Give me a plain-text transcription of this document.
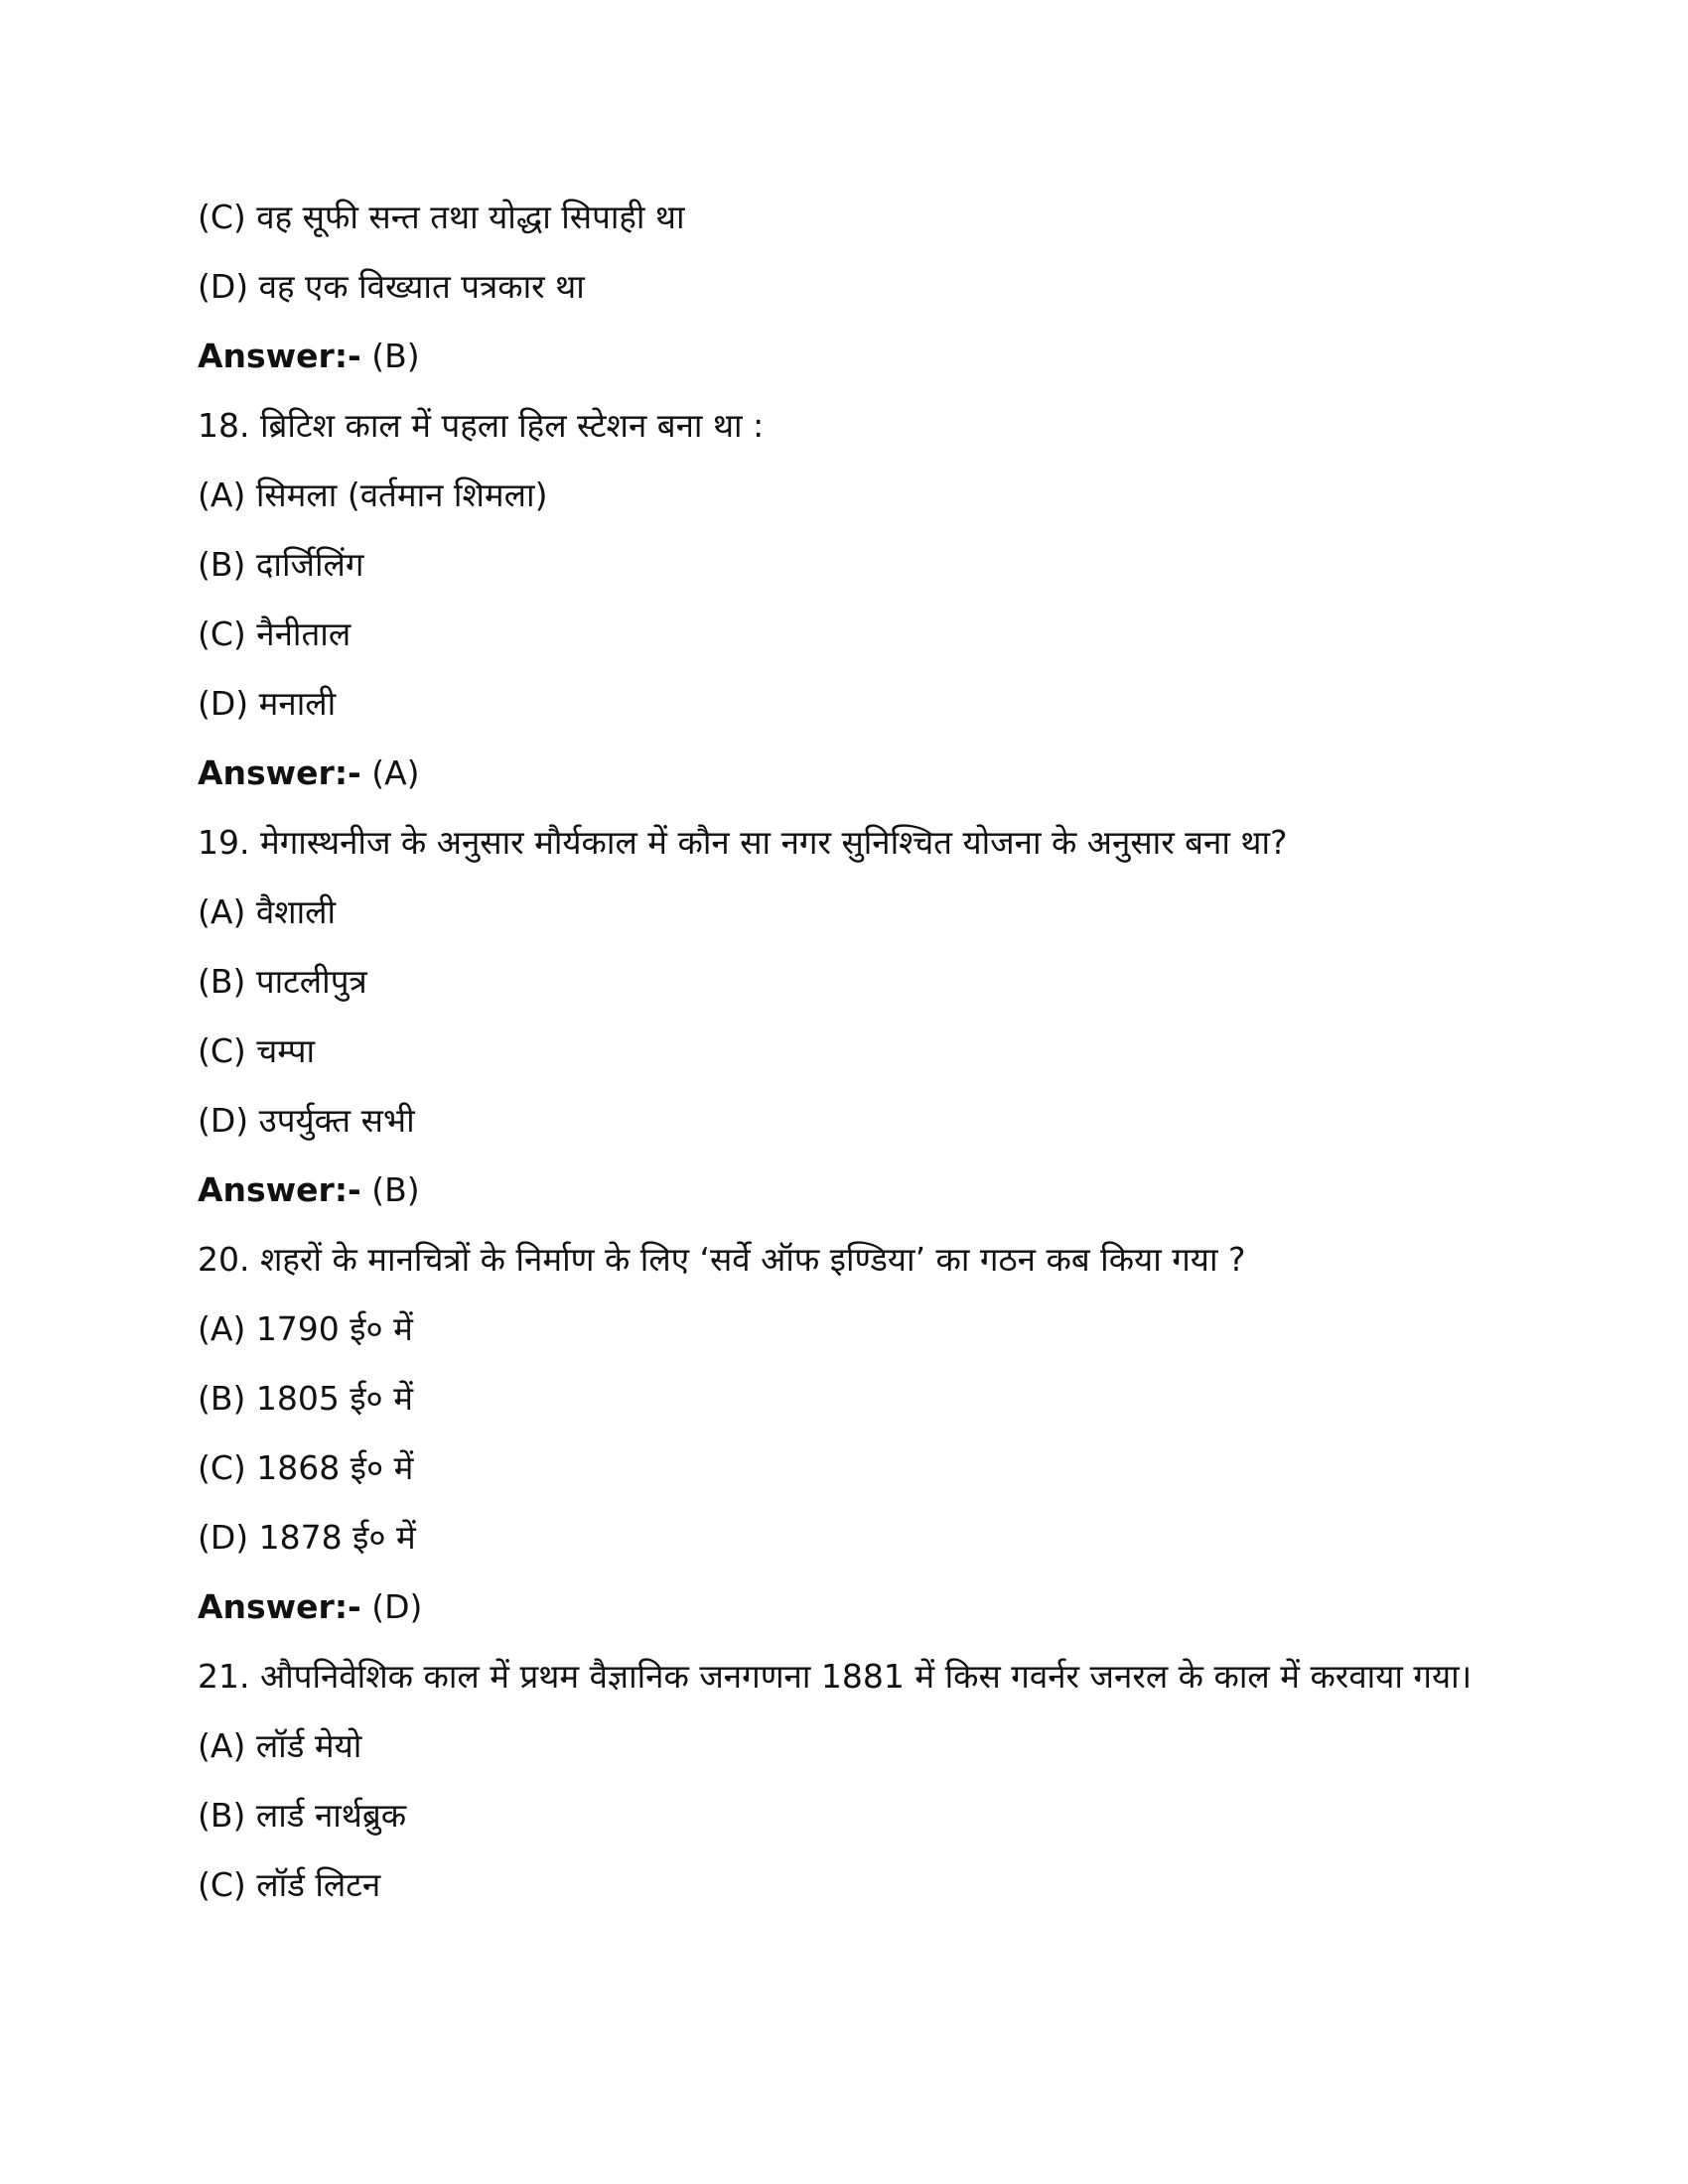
(C) वह सूफी सन्त तथा योद्धा सिपाही था
(D) वह एक विख्यात पत्रकार था
Answer:- (B)
18. ब्रिटिश काल में पहला हिल स्टेशन बना था :
(A) सिमला (वर्तमान शिमला)
(B) दार्जिलिंग
(C) नैनीताल
(D) मनाली
Answer:- (A)
19. मेगास्थनीज के अनुसार मौर्यकाल में कौन सा नगर सुनिश्चित योजना के अनुसार बना था?
(A) वैशाली
(B) पाटलीपुत्र
(C) चम्पा
(D) उपर्युक्त सभी
Answer:- (B)
20. शहरों के मानचित्रों के निर्माण के लिए ‘सर्वे ऑफ इण्डिया’ का गठन कब किया गया ?
(A) 1790 ई० में
(B) 1805 ई० में
(C) 1868 ई० में
(D) 1878 ई० में
Answer:- (D)
21. औपनिवेशिक काल में प्रथम वैज्ञानिक जनगणना 1881 में किस गवर्नर जनरल के काल में करवाया गया।
(A) लॉर्ड मेयो
(B) लार्ड नार्थब्रुक
(C) लॉर्ड लिटन
